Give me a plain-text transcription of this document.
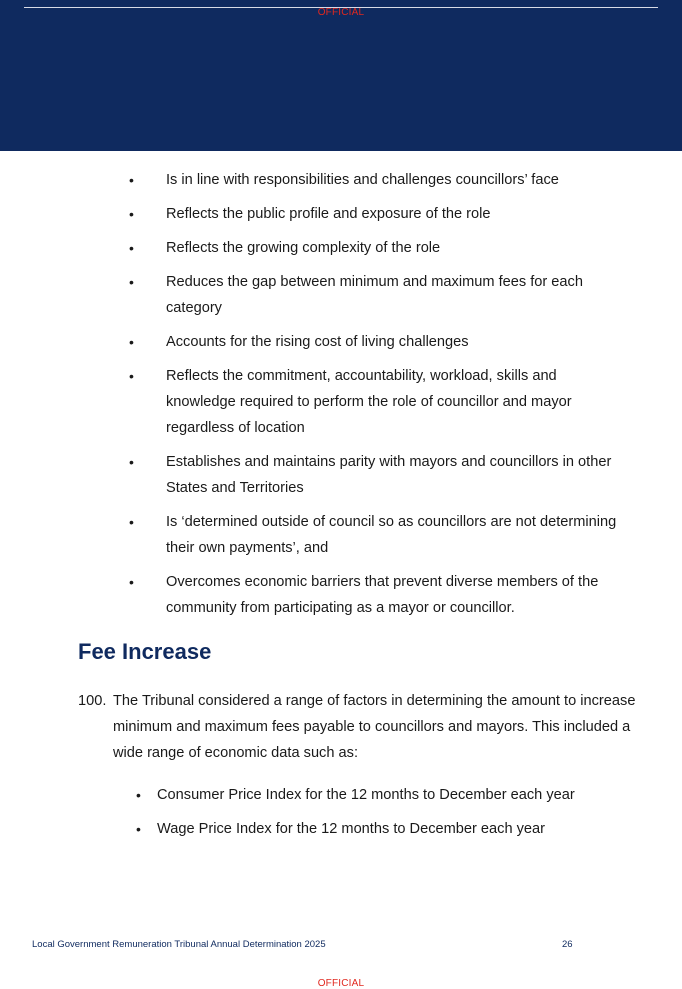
OFFICIAL
• Is in line with responsibilities and challenges councillors’ face
• Reflects the public profile and exposure of the role
• Reflects the growing complexity of the role
• Reduces the gap between minimum and maximum fees for each category
• Accounts for the rising cost of living challenges
• Reflects the commitment, accountability, workload, skills and knowledge required to perform the role of councillor and mayor regardless of location
• Establishes and maintains parity with mayors and councillors in other States and Territories
• Is ‘determined outside of council so as councillors are not determining their own payments’, and
• Overcomes economic barriers that prevent diverse members of the community from participating as a mayor or councillor.
Fee Increase
100. The Tribunal considered a range of factors in determining the amount to increase minimum and maximum fees payable to councillors and mayors. This included a wide range of economic data such as:
• Consumer Price Index for the 12 months to December each year
• Wage Price Index for the 12 months to December each year
Local Government Remuneration Tribunal Annual Determination 2025	26
OFFICIAL
